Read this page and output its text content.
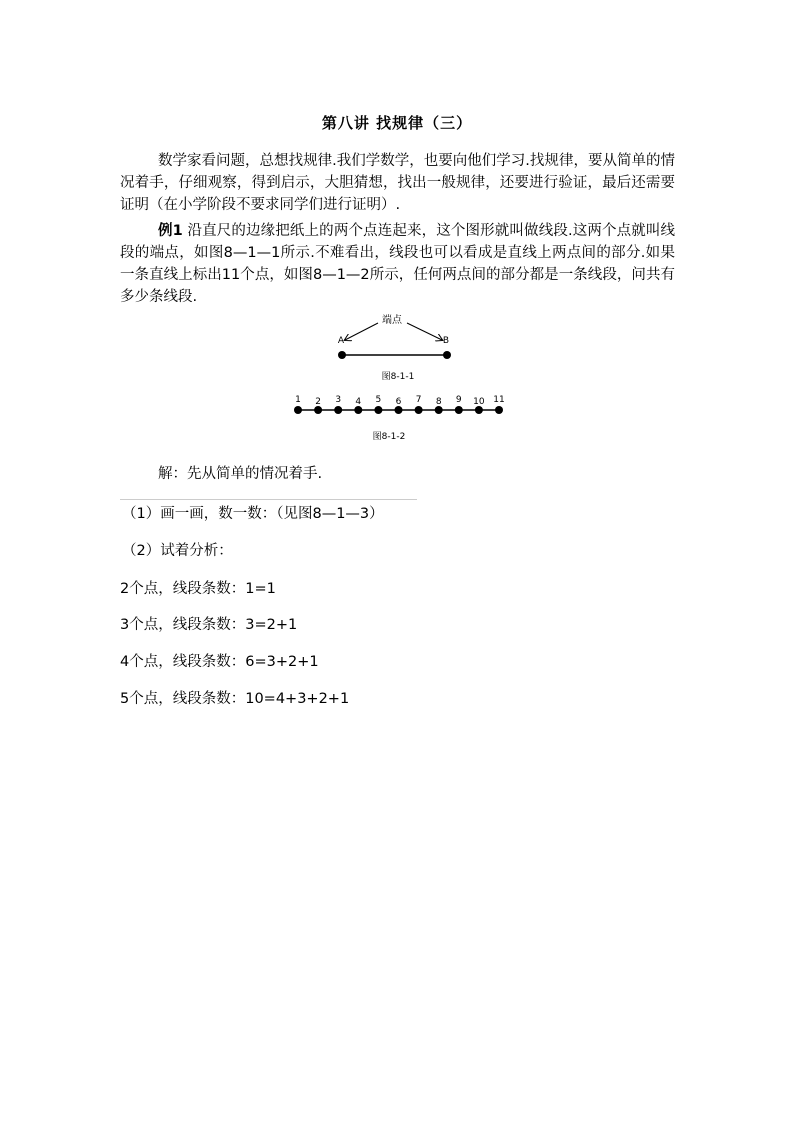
第八讲 找规律（三）
数学家看问题，总想找规律.我们学数学，也要向他们学习.找规律，要从简单的情况着手，仔细观察，得到启示，大胆猜想，找出一般规律，还要进行验证，最后还需要证明（在小学阶段不要求同学们进行证明）.
例1 沿直尺的边缘把纸上的两个点连起来，这个图形就叫做线段.这两个点就叫线段的端点，如图8—1—1所示.不难看出，线段也可以看成是直线上两点间的部分.如果一条直线上标出11个点，如图8—1—2所示，任何两点间的部分都是一条线段，问共有多少条线段.
端点
A	B
图8-1-1
1 2 3 4 5 6 7 8 9 10 11
图8-1-2
解：先从简单的情况着手.
（1）画一画，数一数：（见图8—1—3）
（2）试着分析：
2个点，线段条数：1=1
3个点，线段条数：3=2+1
4个点，线段条数：6=3+2+1
5个点，线段条数：10=4+3+2+1
